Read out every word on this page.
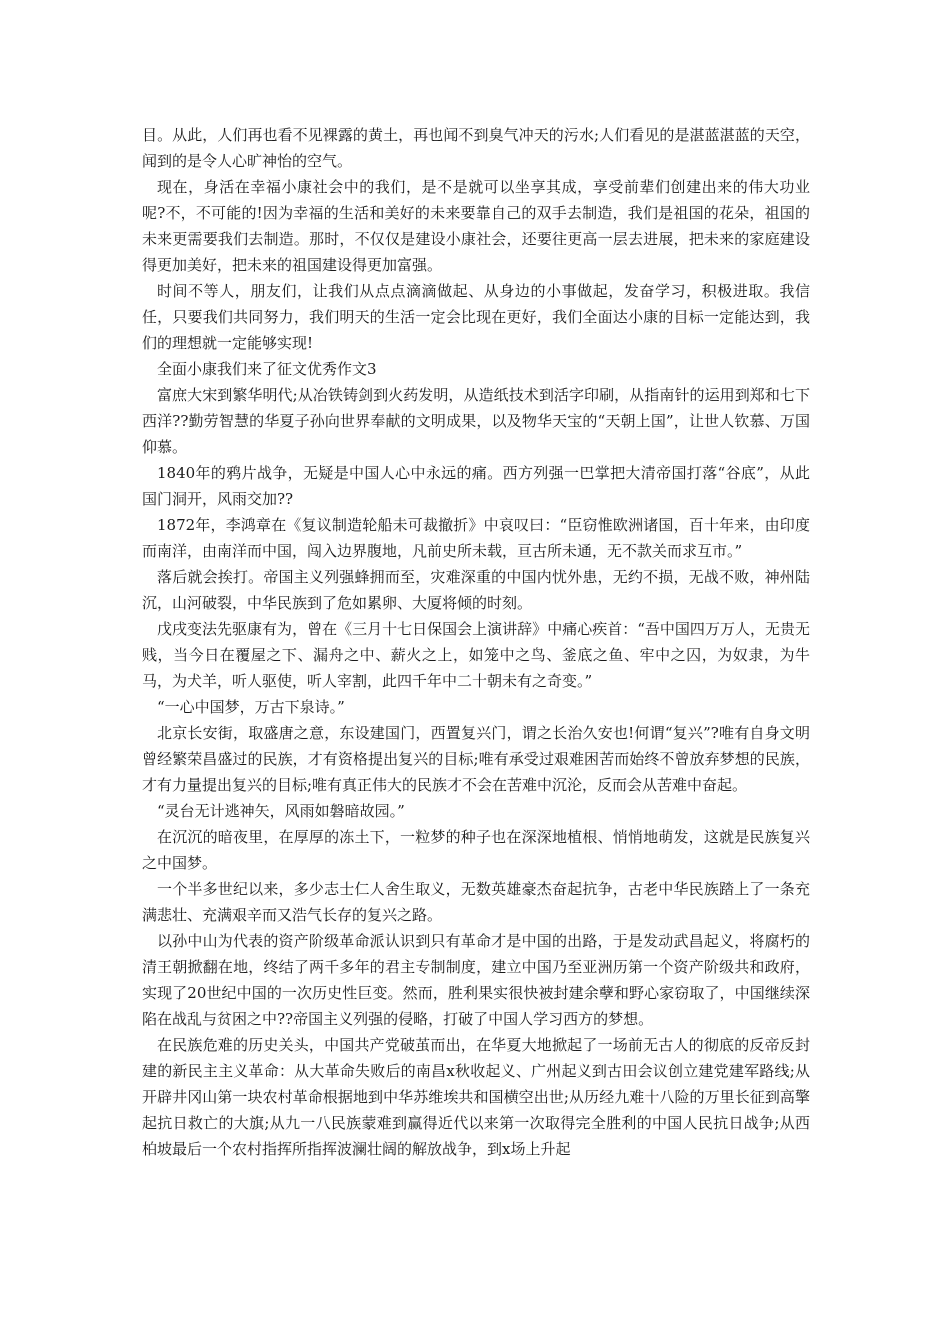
目。从此，人们再也看不见裸露的黄土，再也闻不到臭气冲天的污水;人们看见的是湛蓝湛蓝的天空，闻到的是令人心旷神怡的空气。

现在，身活在幸福小康社会中的我们，是不是就可以坐享其成，享受前辈们创建出来的伟大功业呢?不，不可能的!因为幸福的生活和美好的未来要靠自己的双手去制造，我们是祖国的花朵，祖国的未来更需要我们去制造。那时，不仅仅是建设小康社会，还要往更高一层去进展，把未来的家庭建设得更加美好，把未来的祖国建设得更加富强。

时间不等人，朋友们，让我们从点点滴滴做起、从身边的小事做起，发奋学习，积极进取。我信任，只要我们共同努力，我们明天的生活一定会比现在更好，我们全面达小康的目标一定能达到，我们的理想就一定能够实现!

全面小康我们来了征文优秀作文3

富庶大宋到繁华明代;从冶铁铸剑到火药发明，从造纸技术到活字印刷，从指南针的运用到郑和七下西洋??勤劳智慧的华夏子孙向世界奉献的文明成果，以及物华天宝的“天朝上国”，让世人钦慕、万国仰慕。

1840年的鸦片战争，无疑是中国人心中永远的痛。西方列强一巴掌把大清帝国打落“谷底”，从此国门洞开，风雨交加??

1872年，李鸿章在《复议制造轮船未可裁撤折》中哀叹曰：“臣窃惟欧洲诸国，百十年来，由印度而南洋，由南洋而中国，闯入边界腹地，凡前史所未载，亘古所未通，无不款关而求互市。”

落后就会挨打。帝国主义列强蜂拥而至，灾难深重的中国内忧外患，无约不损，无战不败，神州陆沉，山河破裂，中华民族到了危如累卵、大厦将倾的时刻。

戊戌变法先驱康有为，曾在《三月十七日保国会上演讲辞》中痛心疾首：“吾中国四万万人，无贵无贱，当今日在覆屋之下、漏舟之中、薪火之上，如笼中之鸟、釜底之鱼、牢中之囚，为奴隶，为牛马，为犬羊，听人驱使，听人宰割，此四千年中二十朝未有之奇变。”

“一心中国梦，万古下泉诗。”

北京长安街，取盛唐之意，东设建国门，西置复兴门，谓之长治久安也!何谓“复兴”?唯有自身文明曾经繁荣昌盛过的民族，才有资格提出复兴的目标;唯有承受过艰难困苦而始终不曾放弃梦想的民族，才有力量提出复兴的目标;唯有真正伟大的民族才不会在苦难中沉沦，反而会从苦难中奋起。

“灵台无计逃神矢，风雨如磐暗故园。”

在沉沉的暗夜里，在厚厚的冻土下，一粒梦的种子也在深深地植根、悄悄地萌发，这就是民族复兴之中国梦。

一个半多世纪以来，多少志士仁人舍生取义，无数英雄豪杰奋起抗争，古老中华民族踏上了一条充满悲壮、充满艰辛而又浩气长存的复兴之路。

以孙中山为代表的资产阶级革命派认识到只有革命才是中国的出路，于是发动武昌起义，将腐朽的清王朝掀翻在地，终结了两千多年的君主专制制度，建立中国乃至亚洲历第一个资产阶级共和政府，实现了20世纪中国的一次历史性巨变。然而，胜利果实很快被封建余孽和野心家窃取了，中国继续深陷在战乱与贫困之中??帝国主义列强的侵略，打破了中国人学习西方的梦想。

在民族危难的历史关头，中国共产党破茧而出，在华夏大地掀起了一场前无古人的彻底的反帝反封建的新民主主义革命：从大革命失败后的南昌x秋收起义、广州起义到古田会议创立建党建军路线;从开辟井冈山第一块农村革命根据地到中华苏维埃共和国横空出世;从历经九难十八险的万里长征到高擎起抗日救亡的大旗;从九一八民族蒙难到赢得近代以来第一次取得完全胜利的中国人民抗日战争;从西柏坡最后一个农村指挥所指挥波澜壮阔的解放战争，到x场上升起
